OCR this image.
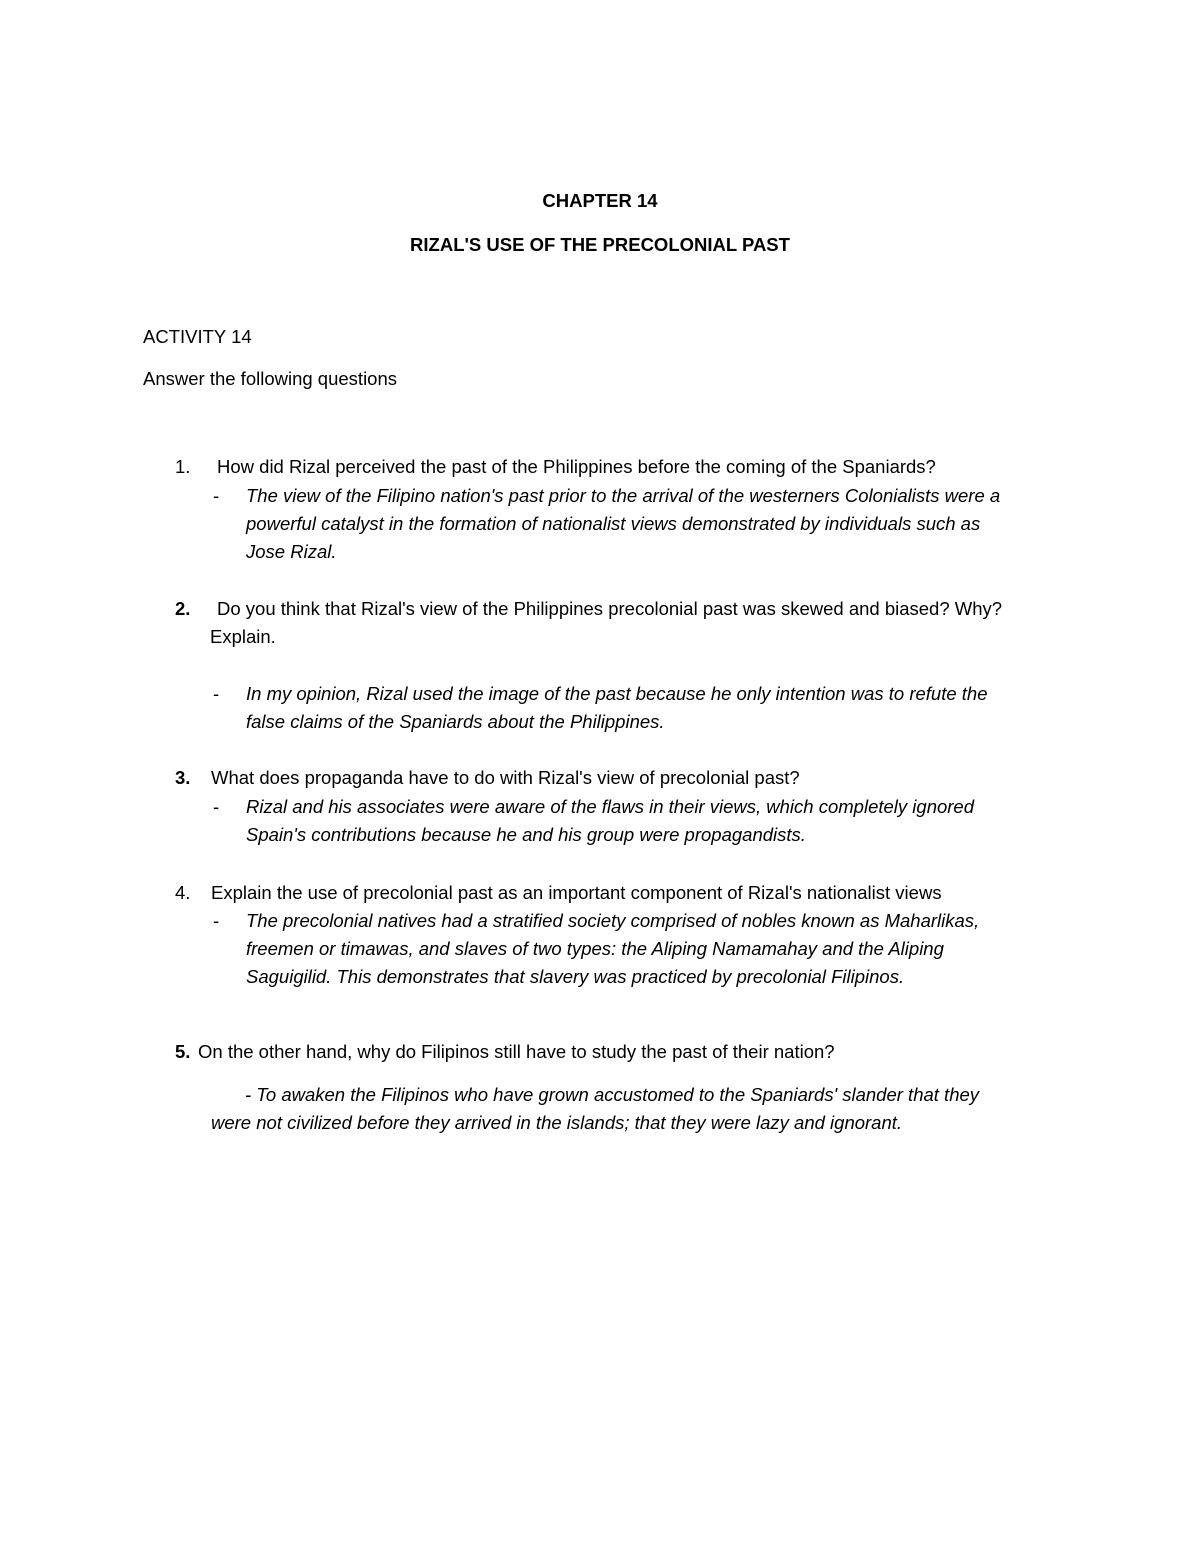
CHAPTER 14
RIZAL'S USE OF THE PRECOLONIAL PAST
ACTIVITY 14
Answer the following questions
1. How did Rizal perceived the past of the Philippines before the coming of the Spaniards?
- The view of the Filipino nation's past prior to the arrival of the westerners Colonialists were a
powerful catalyst in the formation of nationalist views demonstrated by individuals such as
Jose Rizal.
2. Do you think that Rizal's view of the Philippines precolonial past was skewed and biased? Why?
Explain.
- In my opinion, Rizal used the image of the past because he only intention was to refute the
false claims of the Spaniards about the Philippines.
3. What does propaganda have to do with Rizal's view of precolonial past?
- Rizal and his associates were aware of the flaws in their views, which completely ignored
Spain's contributions because he and his group were propagandists.
4. Explain the use of precolonial past as an important component of Rizal's nationalist views
- The precolonial natives had a stratified society comprised of nobles known as Maharlikas,
freemen or timawas, and slaves of two types: the Aliping Namamahay and the Aliping
Saguigilid. This demonstrates that slavery was practiced by precolonial Filipinos.
5. On the other hand, why do Filipinos still have to study the past of their nation?
- To awaken the Filipinos who have grown accustomed to the Spaniards' slander that they
were not civilized before they arrived in the islands; that they were lazy and ignorant.
